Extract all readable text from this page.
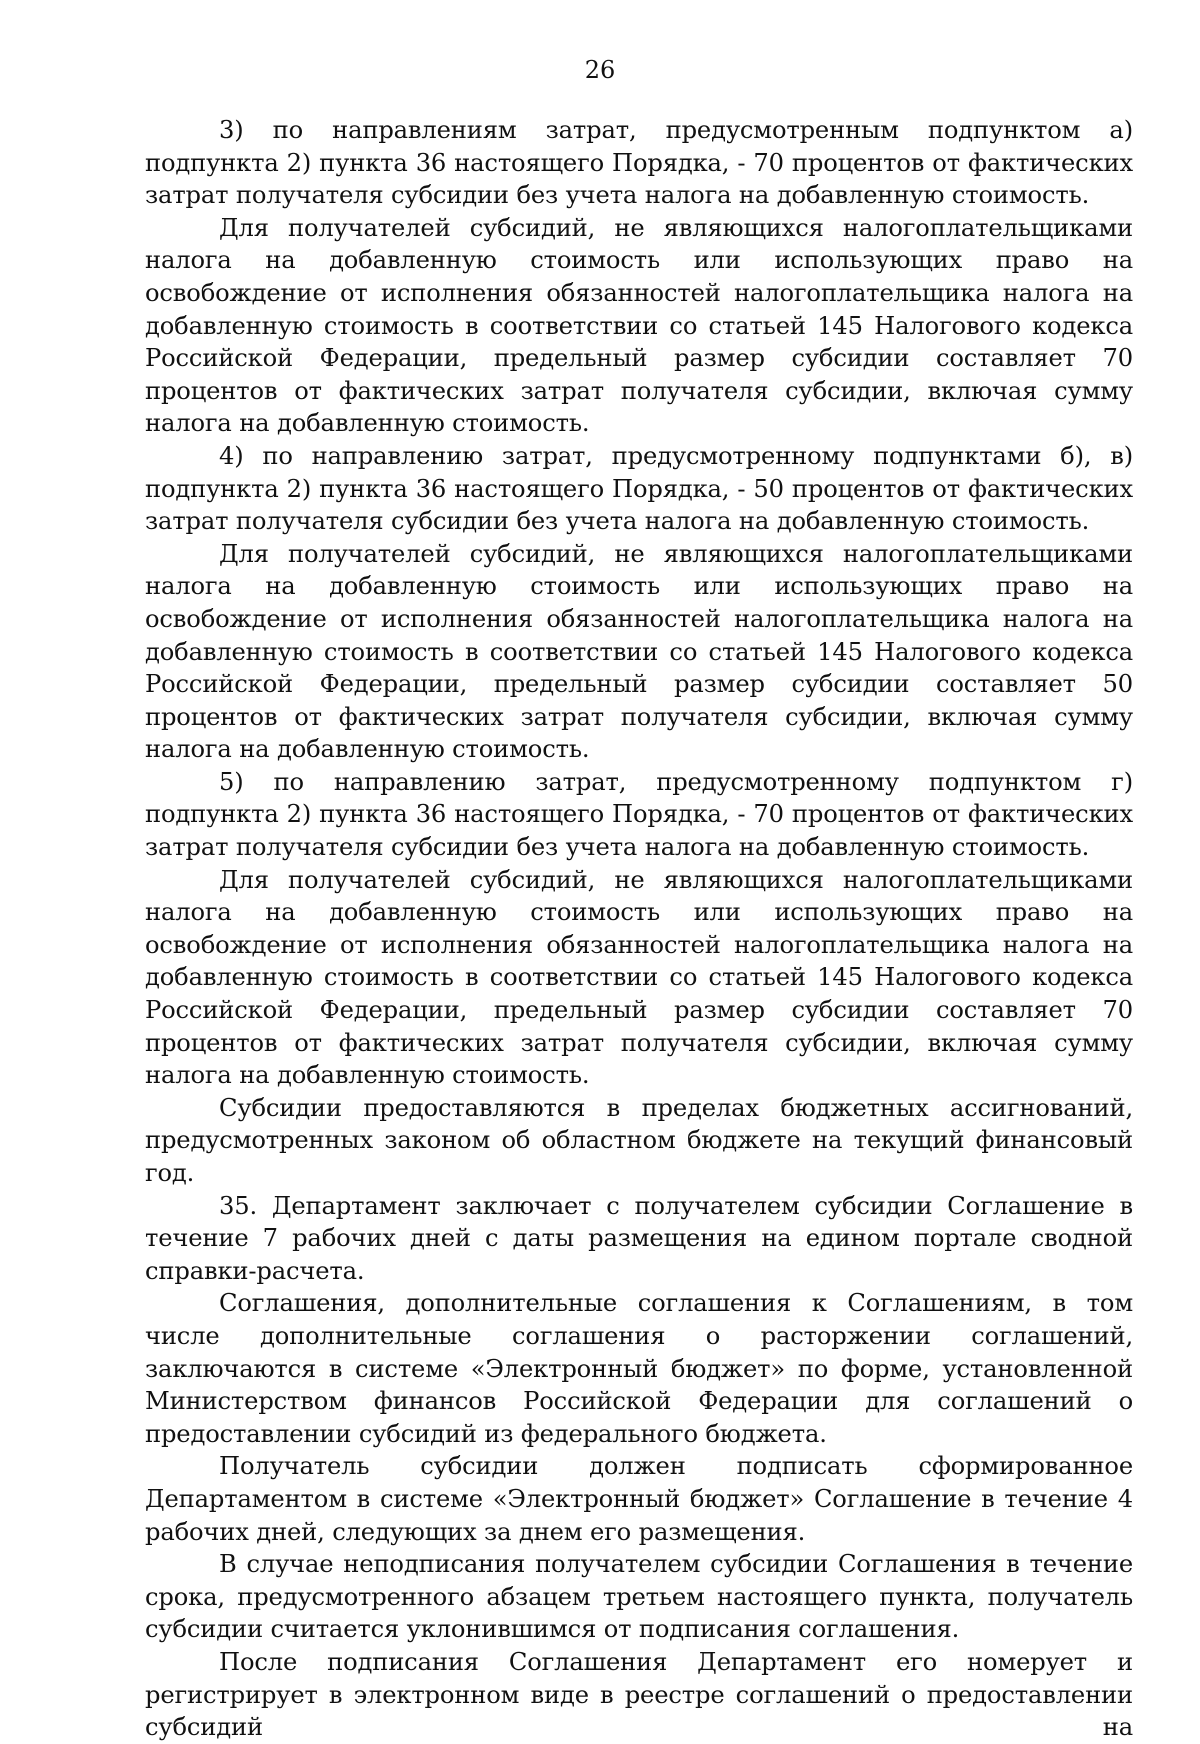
26

3) по направлениям затрат, предусмотренным подпунктом а) подпункта 2) пункта 36 настоящего Порядка, - 70 процентов от фактических затрат получателя субсидии без учета налога на добавленную стоимость.

Для получателей субсидий, не являющихся налогоплательщиками налога на добавленную стоимость или использующих право на освобождение от исполнения обязанностей налогоплательщика налога на добавленную стоимость в соответствии со статьей 145 Налогового кодекса Российской Федерации, предельный размер субсидии составляет 70 процентов от фактических затрат получателя субсидии, включая сумму налога на добавленную стоимость.

4) по направлению затрат, предусмотренному подпунктами б), в) подпункта 2) пункта 36 настоящего Порядка, - 50 процентов от фактических затрат получателя субсидии без учета налога на добавленную стоимость.

Для получателей субсидий, не являющихся налогоплательщиками налога на добавленную стоимость или использующих право на освобождение от исполнения обязанностей налогоплательщика налога на добавленную стоимость в соответствии со статьей 145 Налогового кодекса Российской Федерации, предельный размер субсидии составляет 50 процентов от фактических затрат получателя субсидии, включая сумму налога на добавленную стоимость.

5) по направлению затрат, предусмотренному подпунктом г) подпункта 2) пункта 36 настоящего Порядка, - 70 процентов от фактических затрат получателя субсидии без учета налога на добавленную стоимость.

Для получателей субсидий, не являющихся налогоплательщиками налога на добавленную стоимость или использующих право на освобождение от исполнения обязанностей налогоплательщика налога на добавленную стоимость в соответствии со статьей 145 Налогового кодекса Российской Федерации, предельный размер субсидии составляет 70 процентов от фактических затрат получателя субсидии, включая сумму налога на добавленную стоимость.

Субсидии предоставляются в пределах бюджетных ассигнований, предусмотренных законом об областном бюджете на текущий финансовый год.

35. Департамент заключает с получателем субсидии Соглашение в течение 7 рабочих дней с даты размещения на едином портале сводной справки-расчета.

Соглашения, дополнительные соглашения к Соглашениям, в том числе дополнительные соглашения о расторжении соглашений, заключаются в системе «Электронный бюджет» по форме, установленной Министерством финансов Российской Федерации для соглашений о предоставлении субсидий из федерального бюджета.

Получатель субсидии должен подписать сформированное Департаментом в системе «Электронный бюджет» Соглашение в течение 4 рабочих дней, следующих за днем его размещения.

В случае неподписания получателем субсидии Соглашения в течение срока, предусмотренного абзацем третьем настоящего пункта, получатель субсидии считается уклонившимся от подписания соглашения.

После подписания Соглашения Департамент его номерует и регистрирует в электронном виде в реестре соглашений о предоставлении субсидий на
